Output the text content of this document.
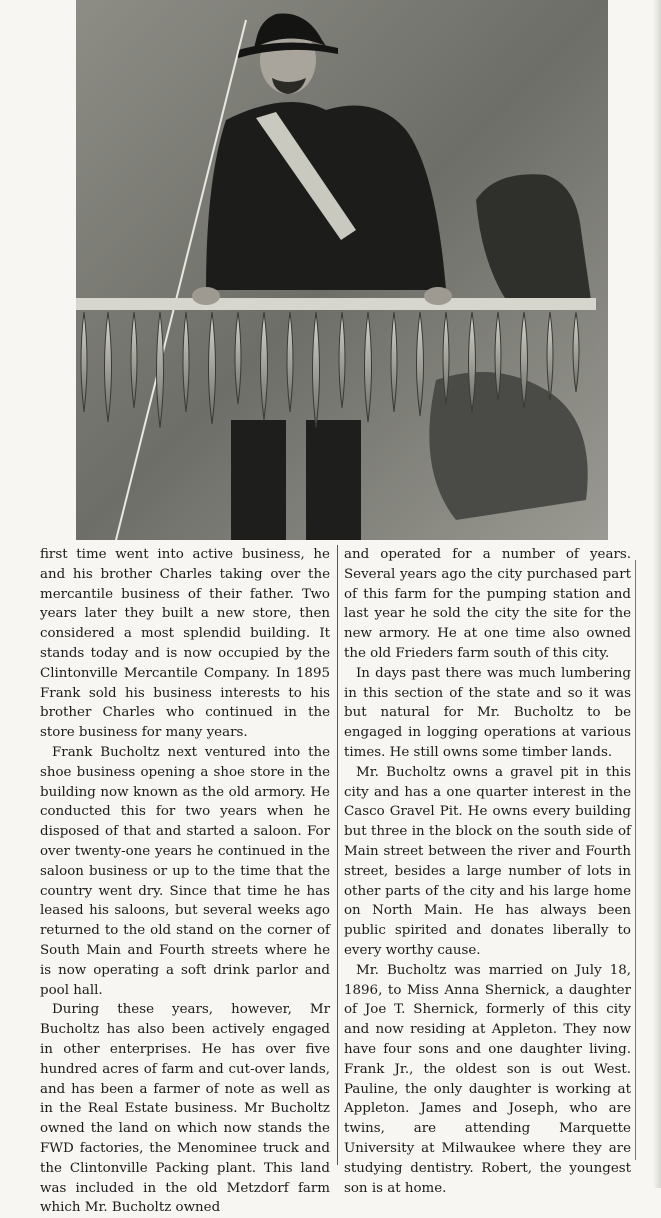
first time went into active business, he and his brother Charles taking over the mercantile business of their father. Two years later they built a new store, then considered a most splendid building. It stands today and is now occupied by the Clintonville Mercantile Company. In 1895 Frank sold his business interests to his brother Charles who continued in the store business for many years.

Frank Bucholtz next ventured into the shoe business opening a shoe store in the building now known as the old armory. He conducted this for two years when he disposed of that and started a saloon. For over twenty-one years he continued in the saloon business or up to the time that the country went dry. Since that time he has leased his saloons, but several weeks ago returned to the old stand on the corner of South Main and Fourth streets where he is now operating a soft drink parlor and pool hall.

During these years, however, Mr Bucholtz has also been actively engaged in other enterprises. He has over five hundred acres of farm and cut-over lands, and has been a farmer of note as well as in the Real Estate business. Mr Bucholtz owned the land on which now stands the FWD factories, the Menominee truck and the Clintonville Packing plant. This land was included in the old Metzdorf farm which Mr. Bucholtz owned

and operated for a number of years. Several years ago the city purchased part of this farm for the pumping station and last year he sold the city the site for the new armory. He at one time also owned the old Frieders farm south of this city.

In days past there was much lumbering in this section of the state and so it was but natural for Mr. Bucholtz to be engaged in logging operations at various times. He still owns some timber lands.

Mr. Bucholtz owns a gravel pit in this city and has a one quarter interest in the Casco Gravel Pit. He owns every building but three in the block on the south side of Main street between the river and Fourth street, besides a large number of lots in other parts of the city and his large home on North Main. He has always been public spirited and donates liberally to every worthy cause.

Mr. Bucholtz was married on July 18, 1896, to Miss Anna Shernick, a daughter of Joe T. Shernick, formerly of this city and now residing at Appleton. They now have four sons and one daughter living. Frank Jr., the oldest son is out West. Pauline, the only daughter is working at Appleton. James and Joseph, who are twins, are attending Marquette University at Milwaukee where they are studying dentistry. Robert, the youngest son is at home.
